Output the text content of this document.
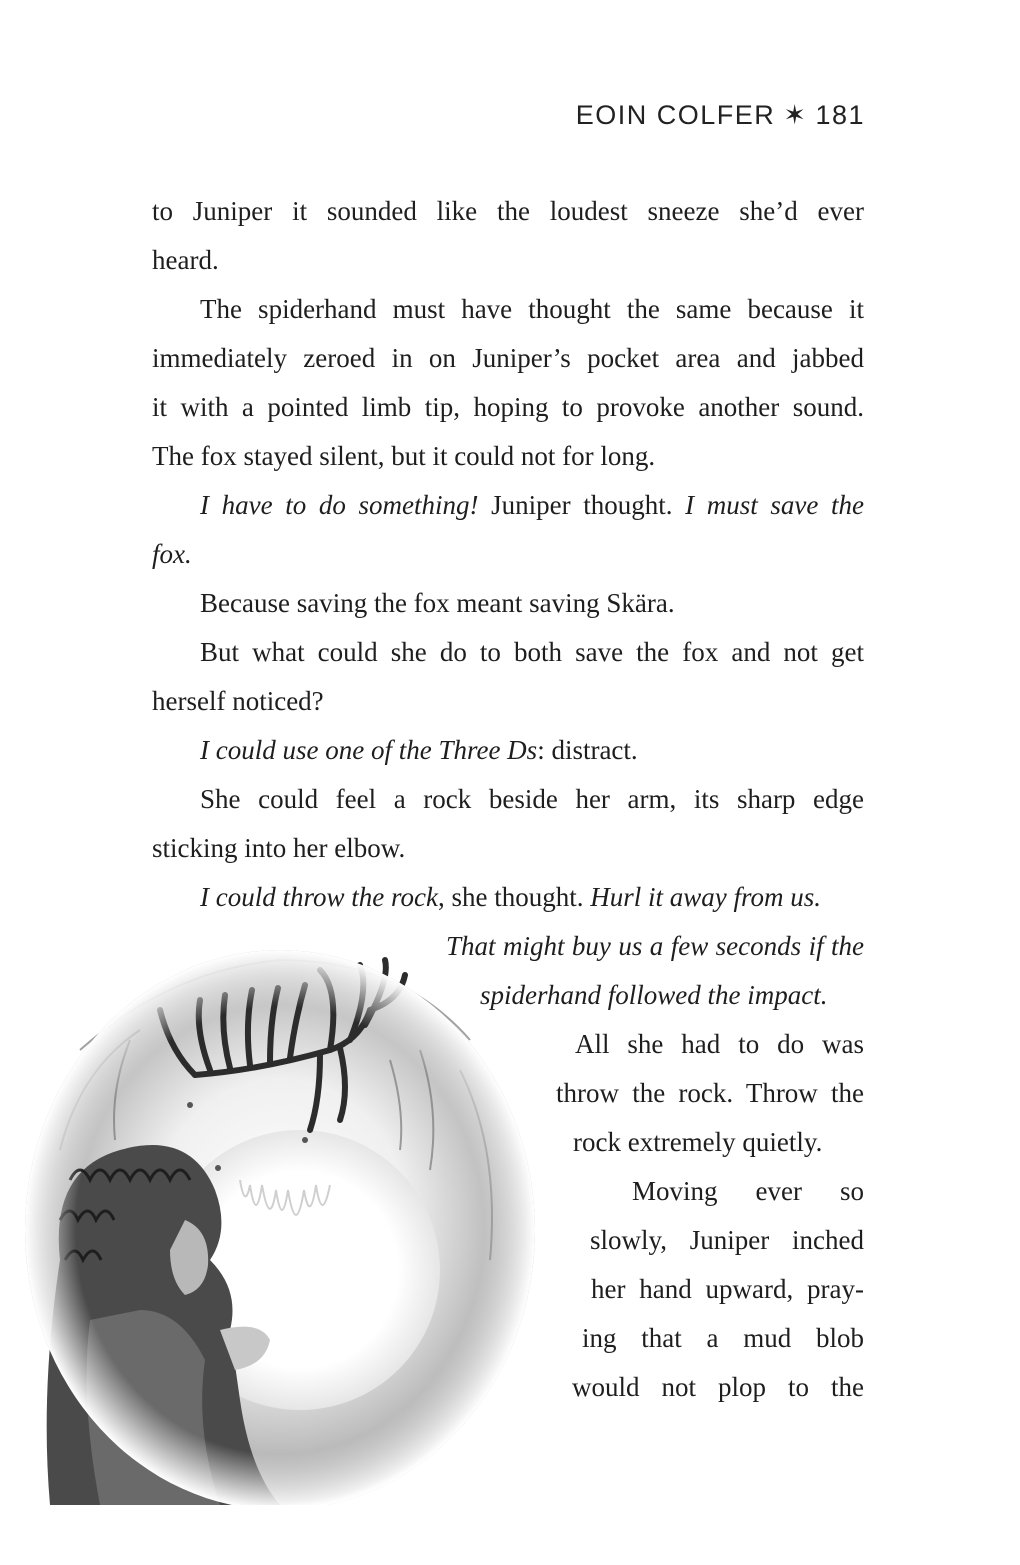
EOIN COLFER ✶ 181
to Juniper it sounded like the loudest sneeze she’d ever
heard.
The spiderhand must have thought the same because it
immediately zeroed in on Juniper’s pocket area and jabbed
it with a pointed limb tip, hoping to provoke another sound.
The fox stayed silent, but it could not for long.
I have to do something! Juniper thought. I must save the
fox.
Because saving the fox meant saving Skära.
But what could she do to both save the fox and not get
herself noticed?
I could use one of the Three Ds: distract.
She could feel a rock beside her arm, its sharp edge
sticking into her elbow.
I could throw the rock, she thought. Hurl it away from us.
That might buy us a few seconds if the
spiderhand followed the impact.
All she had to do was
throw the rock. Throw the
rock extremely quietly.
Moving ever so
slowly, Juniper inched
her hand upward, pray-
ing that a mud blob
would not plop to the
